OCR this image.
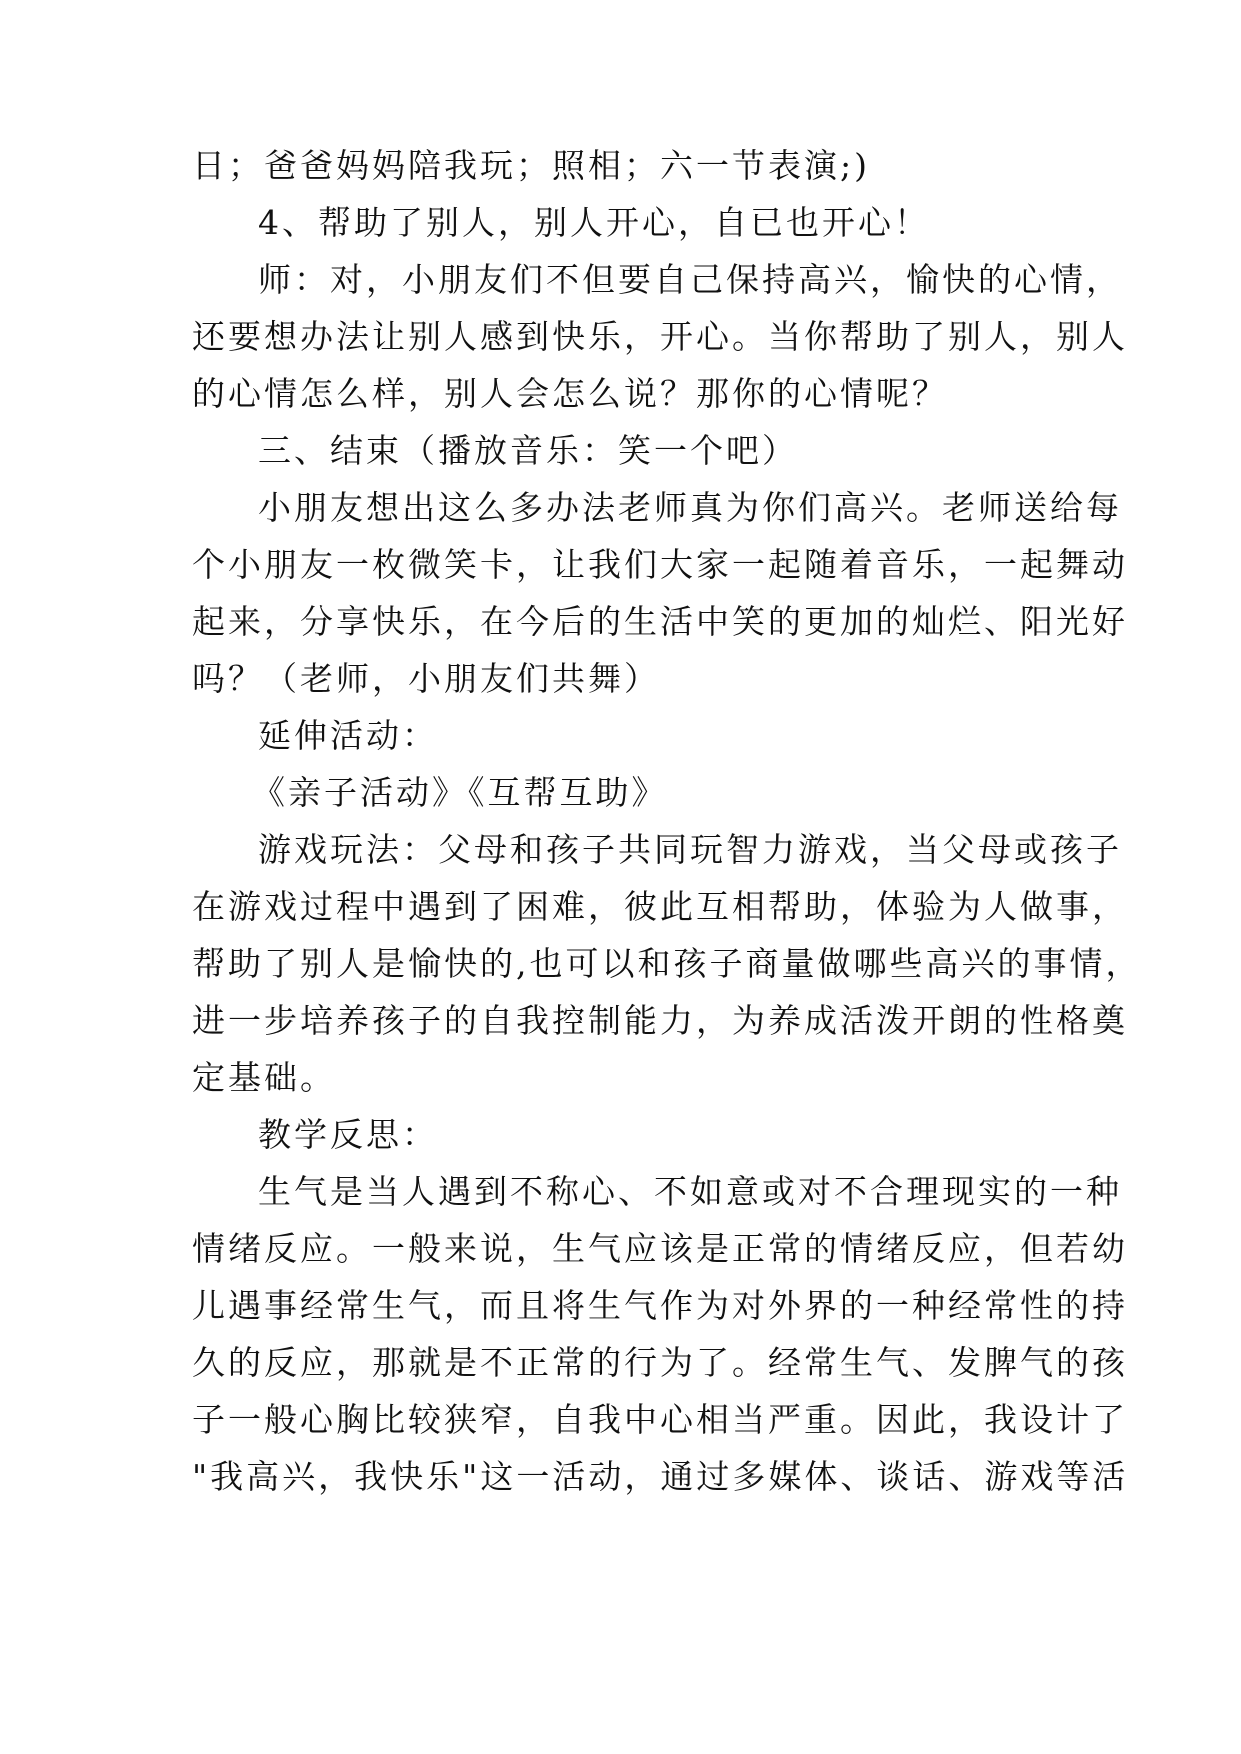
日；爸爸妈妈陪我玩；照相；六一节表演;)
4、帮助了别人，别人开心，自已也开心！
师：对，小朋友们不但要自己保持高兴，愉快的心情，
还要想办法让别人感到快乐，开心。当你帮助了别人，别人
的心情怎么样，别人会怎么说？那你的心情呢？
三、结束（播放音乐：笑一个吧）
小朋友想出这么多办法老师真为你们高兴。老师送给每
个小朋友一枚微笑卡，让我们大家一起随着音乐，一起舞动
起来，分享快乐，在今后的生活中笑的更加的灿烂、阳光好
吗？（老师，小朋友们共舞）
延伸活动：
《亲子活动》《互帮互助》
游戏玩法：父母和孩子共同玩智力游戏，当父母或孩子
在游戏过程中遇到了困难，彼此互相帮助，体验为人做事，
帮助了别人是愉快的,也可以和孩子商量做哪些高兴的事情，
进一步培养孩子的自我控制能力，为养成活泼开朗的性格奠
定基础。
教学反思：
生气是当人遇到不称心、不如意或对不合理现实的一种
情绪反应。一般来说，生气应该是正常的情绪反应，但若幼
儿遇事经常生气，而且将生气作为对外界的一种经常性的持
久的反应，那就是不正常的行为了。经常生气、发脾气的孩
子一般心胸比较狭窄，自我中心相当严重。因此，我设计了
"我高兴，我快乐"这一活动，通过多媒体、谈话、游戏等活
